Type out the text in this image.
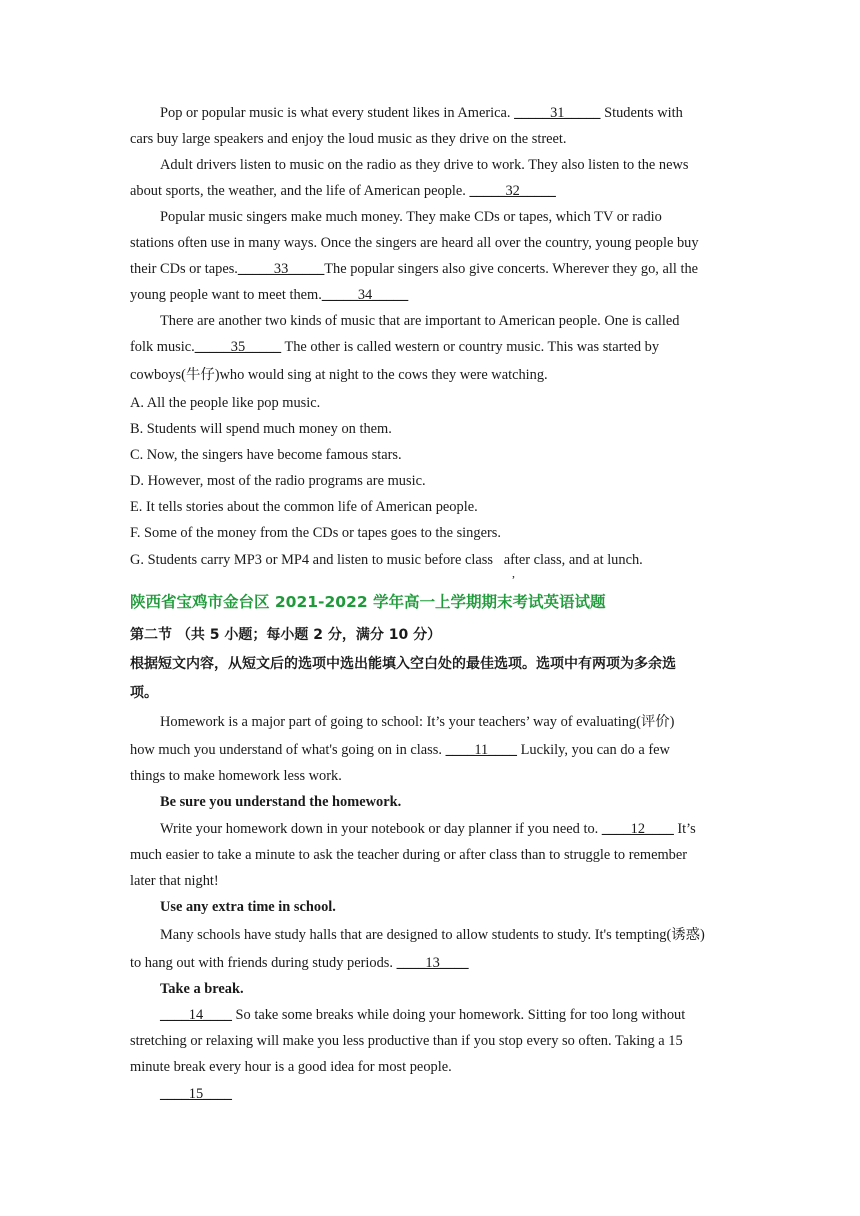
Pop or popular music is what every student likes in America. _____31_____ Students with
cars buy large speakers and enjoy the loud music as they drive on the street.
Adult drivers listen to music on the radio as they drive to work. They also listen to the news
about sports, the weather, and the life of American people. _____32_____
Popular music singers make much money. They make CDs or tapes, which TV or radio
stations often use in many ways. Once the singers are heard all over the country, young people buy
their CDs or tapes._____33_____The popular singers also give concerts. Wherever they go, all the
young people want to meet them._____34_____
There are another two kinds of music that are important to American people. One is called
folk music._____35_____ The other is called western or country music. This was started by
cowboys(牛仔)who would sing at night to the cows they were watching.
A. All the people like pop music.
B. Students will spend much money on them.
C. Now, the singers have become famous stars.
D. However, most of the radio programs are music.
E. It tells stories about the common life of American people.
F. Some of the money from the CDs or tapes goes to the singers.
G. Students carry MP3 or MP4 and listen to music before class   after class, and at lunch.
,
陕西省宝鸡市金台区 2021-2022 学年高一上学期期末考试英语试题
第二节 （共 5 小题；每小题 2 分，满分 10 分）
根据短文内容，从短文后的选项中选出能填入空白处的最佳选项。选项中有两项为多余选
项。
Homework is a major part of going to school: It’s your teachers’ way of evaluating(评价)
how much you understand of what's going on in class. ____11____ Luckily, you can do a few
things to make homework less work.
Be sure you understand the homework.
Write your homework down in your notebook or day planner if you need to. ____12____ It’s
much easier to take a minute to ask the teacher during or after class than to struggle to remember
later that night!
Use any extra time in school.
Many schools have study halls that are designed to allow students to study. It's tempting(诱惑)
to hang out with friends during study periods. ____13____
Take a break.
____14____ So take some breaks while doing your homework. Sitting for too long without
stretching or relaxing will make you less productive than if you stop every so often. Taking a 15
minute break every hour is a good idea for most people.
____15____
